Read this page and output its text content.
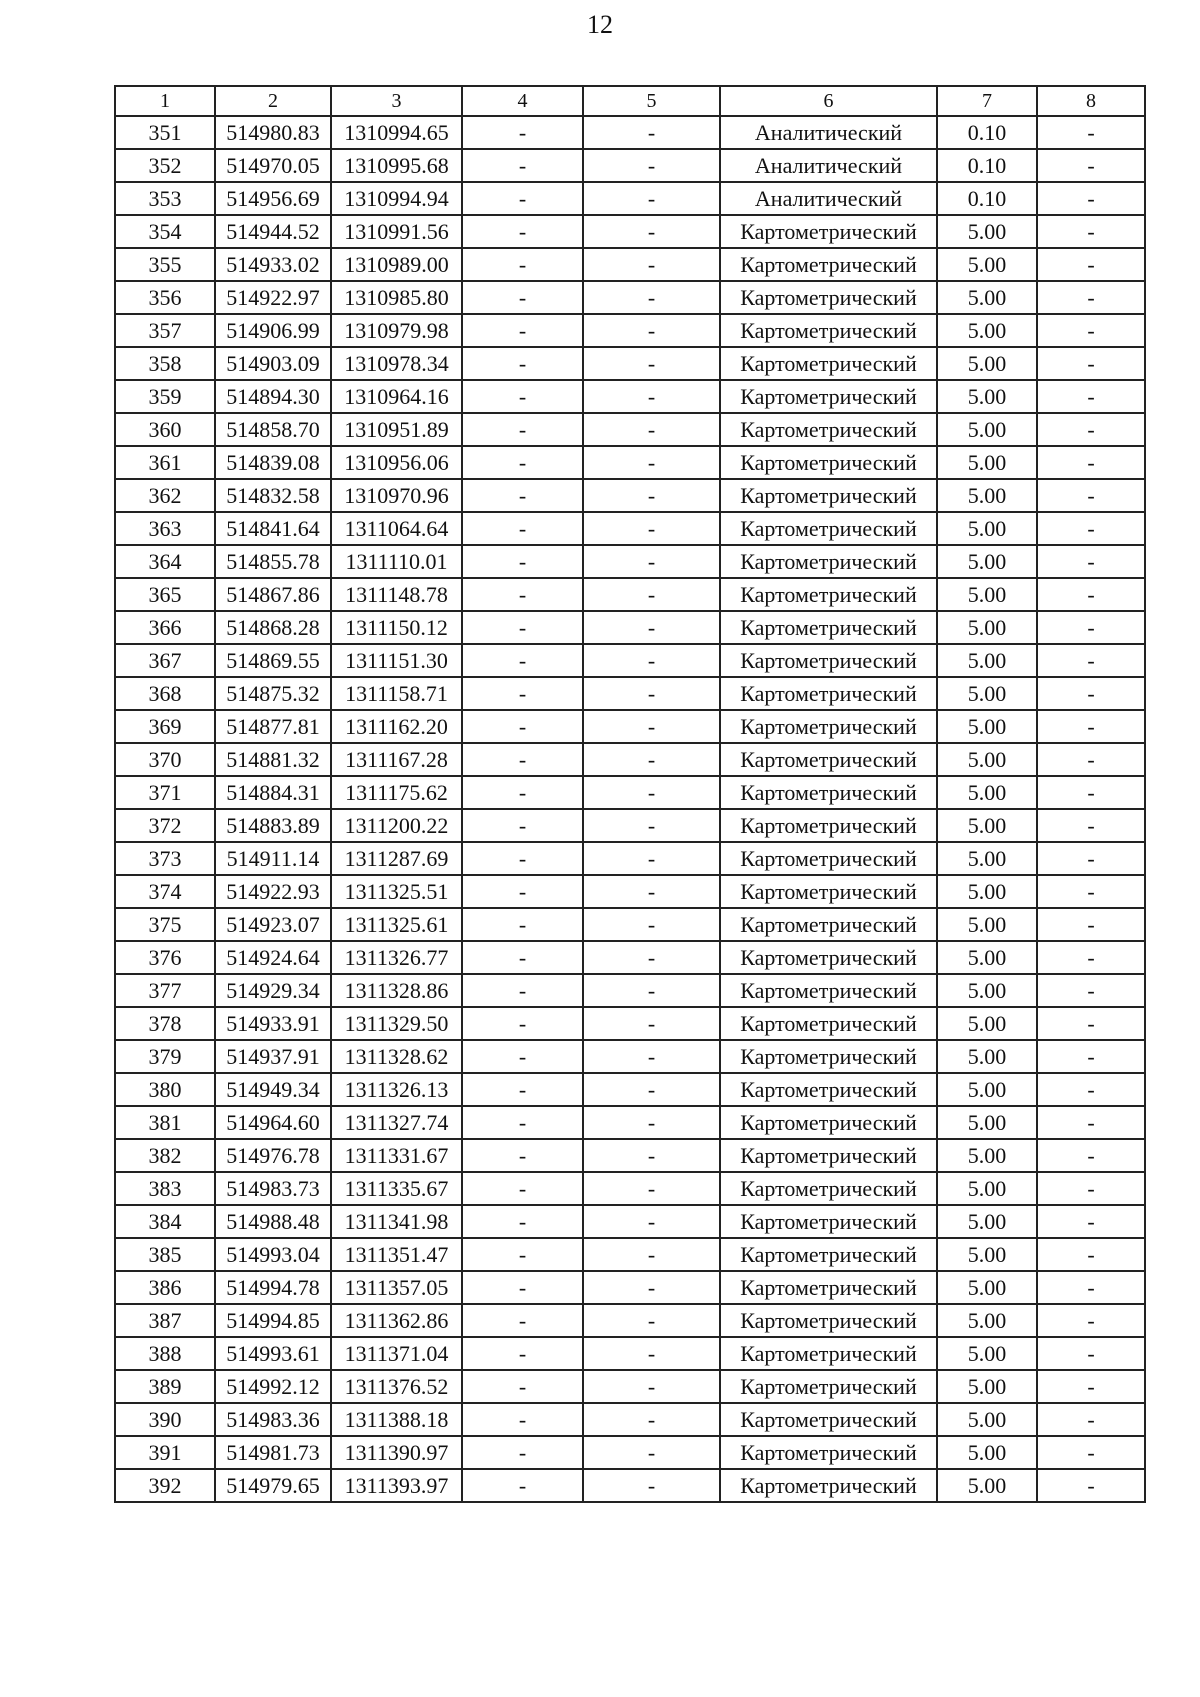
12
1	2	3	4	5	6	7	8
351	514980.83	1310994.65	-	-	Аналитический	0.10	-
352	514970.05	1310995.68	-	-	Аналитический	0.10	-
353	514956.69	1310994.94	-	-	Аналитический	0.10	-
354	514944.52	1310991.56	-	-	Картометрический	5.00	-
355	514933.02	1310989.00	-	-	Картометрический	5.00	-
356	514922.97	1310985.80	-	-	Картометрический	5.00	-
357	514906.99	1310979.98	-	-	Картометрический	5.00	-
358	514903.09	1310978.34	-	-	Картометрический	5.00	-
359	514894.30	1310964.16	-	-	Картометрический	5.00	-
360	514858.70	1310951.89	-	-	Картометрический	5.00	-
361	514839.08	1310956.06	-	-	Картометрический	5.00	-
362	514832.58	1310970.96	-	-	Картометрический	5.00	-
363	514841.64	1311064.64	-	-	Картометрический	5.00	-
364	514855.78	1311110.01	-	-	Картометрический	5.00	-
365	514867.86	1311148.78	-	-	Картометрический	5.00	-
366	514868.28	1311150.12	-	-	Картометрический	5.00	-
367	514869.55	1311151.30	-	-	Картометрический	5.00	-
368	514875.32	1311158.71	-	-	Картометрический	5.00	-
369	514877.81	1311162.20	-	-	Картометрический	5.00	-
370	514881.32	1311167.28	-	-	Картометрический	5.00	-
371	514884.31	1311175.62	-	-	Картометрический	5.00	-
372	514883.89	1311200.22	-	-	Картометрический	5.00	-
373	514911.14	1311287.69	-	-	Картометрический	5.00	-
374	514922.93	1311325.51	-	-	Картометрический	5.00	-
375	514923.07	1311325.61	-	-	Картометрический	5.00	-
376	514924.64	1311326.77	-	-	Картометрический	5.00	-
377	514929.34	1311328.86	-	-	Картометрический	5.00	-
378	514933.91	1311329.50	-	-	Картометрический	5.00	-
379	514937.91	1311328.62	-	-	Картометрический	5.00	-
380	514949.34	1311326.13	-	-	Картометрический	5.00	-
381	514964.60	1311327.74	-	-	Картометрический	5.00	-
382	514976.78	1311331.67	-	-	Картометрический	5.00	-
383	514983.73	1311335.67	-	-	Картометрический	5.00	-
384	514988.48	1311341.98	-	-	Картометрический	5.00	-
385	514993.04	1311351.47	-	-	Картометрический	5.00	-
386	514994.78	1311357.05	-	-	Картометрический	5.00	-
387	514994.85	1311362.86	-	-	Картометрический	5.00	-
388	514993.61	1311371.04	-	-	Картометрический	5.00	-
389	514992.12	1311376.52	-	-	Картометрический	5.00	-
390	514983.36	1311388.18	-	-	Картометрический	5.00	-
391	514981.73	1311390.97	-	-	Картометрический	5.00	-
392	514979.65	1311393.97	-	-	Картометрический	5.00	-
